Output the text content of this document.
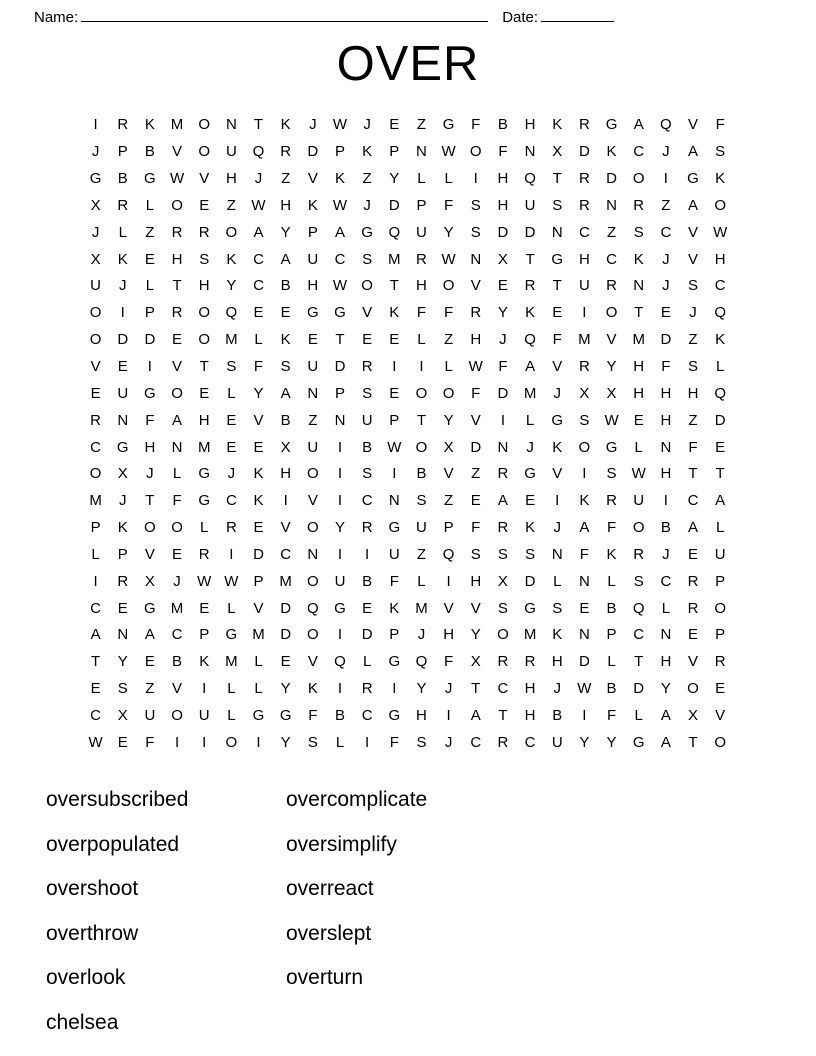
Name:	Date:
OVER
I	R	K	M	O	N	T	K	J	W	J	E	Z	G	F	B	H	K	R	G	A	Q	V	F
J	P	B	V	O	U	Q	R	D	P	K	P	N W O	F	N	X	D	K	C	J	A	S
G	B	G W	V	H	J	Z	V	K	Z	Y	L	L	I	H	Q	T	R	D	O	I	G	K
X	R	L	O	E	Z	W H	K	W	J	D	P	F	S	H	U	S	R	N	R	Z	A	O
J	L	Z	R	R	O	A	Y	P	A	G	Q	U	Y	S	D	D	N	C	Z	S	C	V	W
X	K	E	H	S	K	C	A	U	C	S	M	R W N	X	T	G	H	C	K	J	V	H
U	J	L	T	H	Y	C	B	H W O	T	H	O	V	E	R	T	U	R	N	J	S	C
O	I	P	R	O	Q	E	E	G	G	V	K	F	F	R	Y	K	E	I	O	T	E	J	Q
O	D	D	E	O	M	L	K	E	T	E	E	L	Z	H	J	Q	F	M	V	M	D	Z	K
V	E	I	V	T	S	F	S	U	D	R	I	I	L	W	F	A	V	R	Y	H	F	S	L
E	U	G	O	E	L	Y	A	N	P	S	E	O	O	F	D	M	J	X	X	H	H	H	Q
R	N	F	A	H	E	V	B	Z	N	U	P	T	Y	V	I	L	G	S	W	E	H	Z	D
C	G	H	N	M	E	E	X	U	I	B	W O	X	D	N	J	K	O	G	L	N	F	E
O	X	J	L	G	J	K	H	O	I	S	I	B	V	Z	R	G	V	I	S	W H	T	T
M	J	T	F	G	C	K	I	V	I	C	N	S	Z	E	A	E	I	K	R	U	I	C	A
P	K	O	O	L	R	E	V	O	Y	R	G	U	P	F	R	K	J	A	F	O	B	A	L
L	P	V	E	R	I	D	C	N	I	I	U	Z	Q	S	S	S	N	F	K	R	J	E	U
I	R	X	J	W W	P	M	O	U	B	F	L	I	H	X	D	L	N	L	S	C	R	P
C	E	G	M	E	L	V	D	Q	G	E	K	M	V	V	S	G	S	E	B	Q	L	R	O
A	N	A	C	P	G	M	D	O	I	D	P	J	H	Y	O	M	K	N	P	C	N	E	P
T	Y	E	B	K	M	L	E	V	Q	L	G	Q	F	X	R	R	H	D	L	T	H	V	R
E	S	Z	V	I	L	L	Y	K	I	R	I	Y	J	T	C	H	J	W	B	D	Y	O	E
C	X	U	O	U	L	G	G	F	B	C	G	H	I	A	T	H	B	I	F	L	A	X	V
W	E	F	I	I	O	I	Y	S	L	I	F	S	J	C	R	C	U	Y	Y	G	A	T	O
oversubscribed	overcomplicate
overpopulated	oversimplify
overshoot	overreact
overthrow	overslept
overlook	overturn
chelsea
